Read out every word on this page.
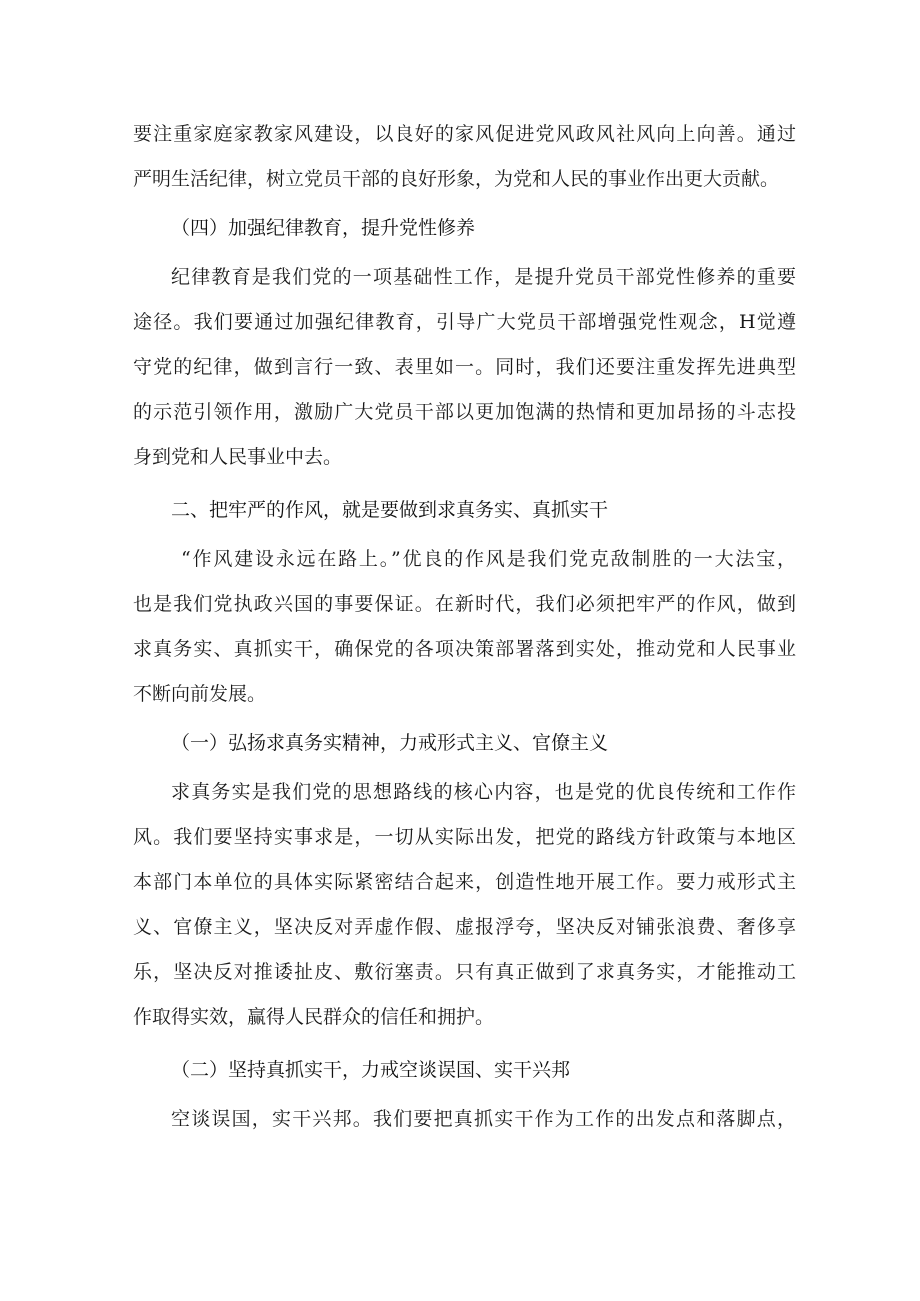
要注重家庭家教家风建设，以良好的家风促进党风政风社风向上向善。通过
严明生活纪律，树立党员干部的良好形象，为党和人民的事业作出更大贡献。
（四）加强纪律教育，提升党性修养
纪律教育是我们党的一项基础性工作，是提升党员干部党性修养的重要
途径。我们要通过加强纪律教育，引导广大党员干部增强党性观念，H觉遵
守党的纪律，做到言行一致、表里如一。同时，我们还要注重发挥先进典型
的示范引领作用，激励广大党员干部以更加饱满的热情和更加昂扬的斗志投
身到党和人民事业中去。
二、把牢严的作风，就是要做到求真务实、真抓实干
“作风建设永远在路上。”优良的作风是我们党克敌制胜的一大法宝，
也是我们党执政兴国的事要保证。在新时代，我们必须把牢严的作风，做到
求真务实、真抓实干，确保党的各项决策部署落到实处，推动党和人民事业
不断向前发展。
（一）弘扬求真务实精神，力戒形式主义、官僚主义
求真务实是我们党的思想路线的核心内容，也是党的优良传统和工作作
风。我们要坚持实事求是，一切从实际出发，把党的路线方针政策与本地区
本部门本单位的具体实际紧密结合起来，创造性地开展工作。要力戒形式主
义、官僚主义，坚决反对弄虚作假、虚报浮夸，坚决反对铺张浪费、奢侈享
乐，坚决反对推诿扯皮、敷衍塞责。只有真正做到了求真务实，才能推动工
作取得实效，赢得人民群众的信任和拥护。
（二）坚持真抓实干，力戒空谈误国、实干兴邦
空谈误国，实干兴邦。我们要把真抓实干作为工作的出发点和落脚点，
